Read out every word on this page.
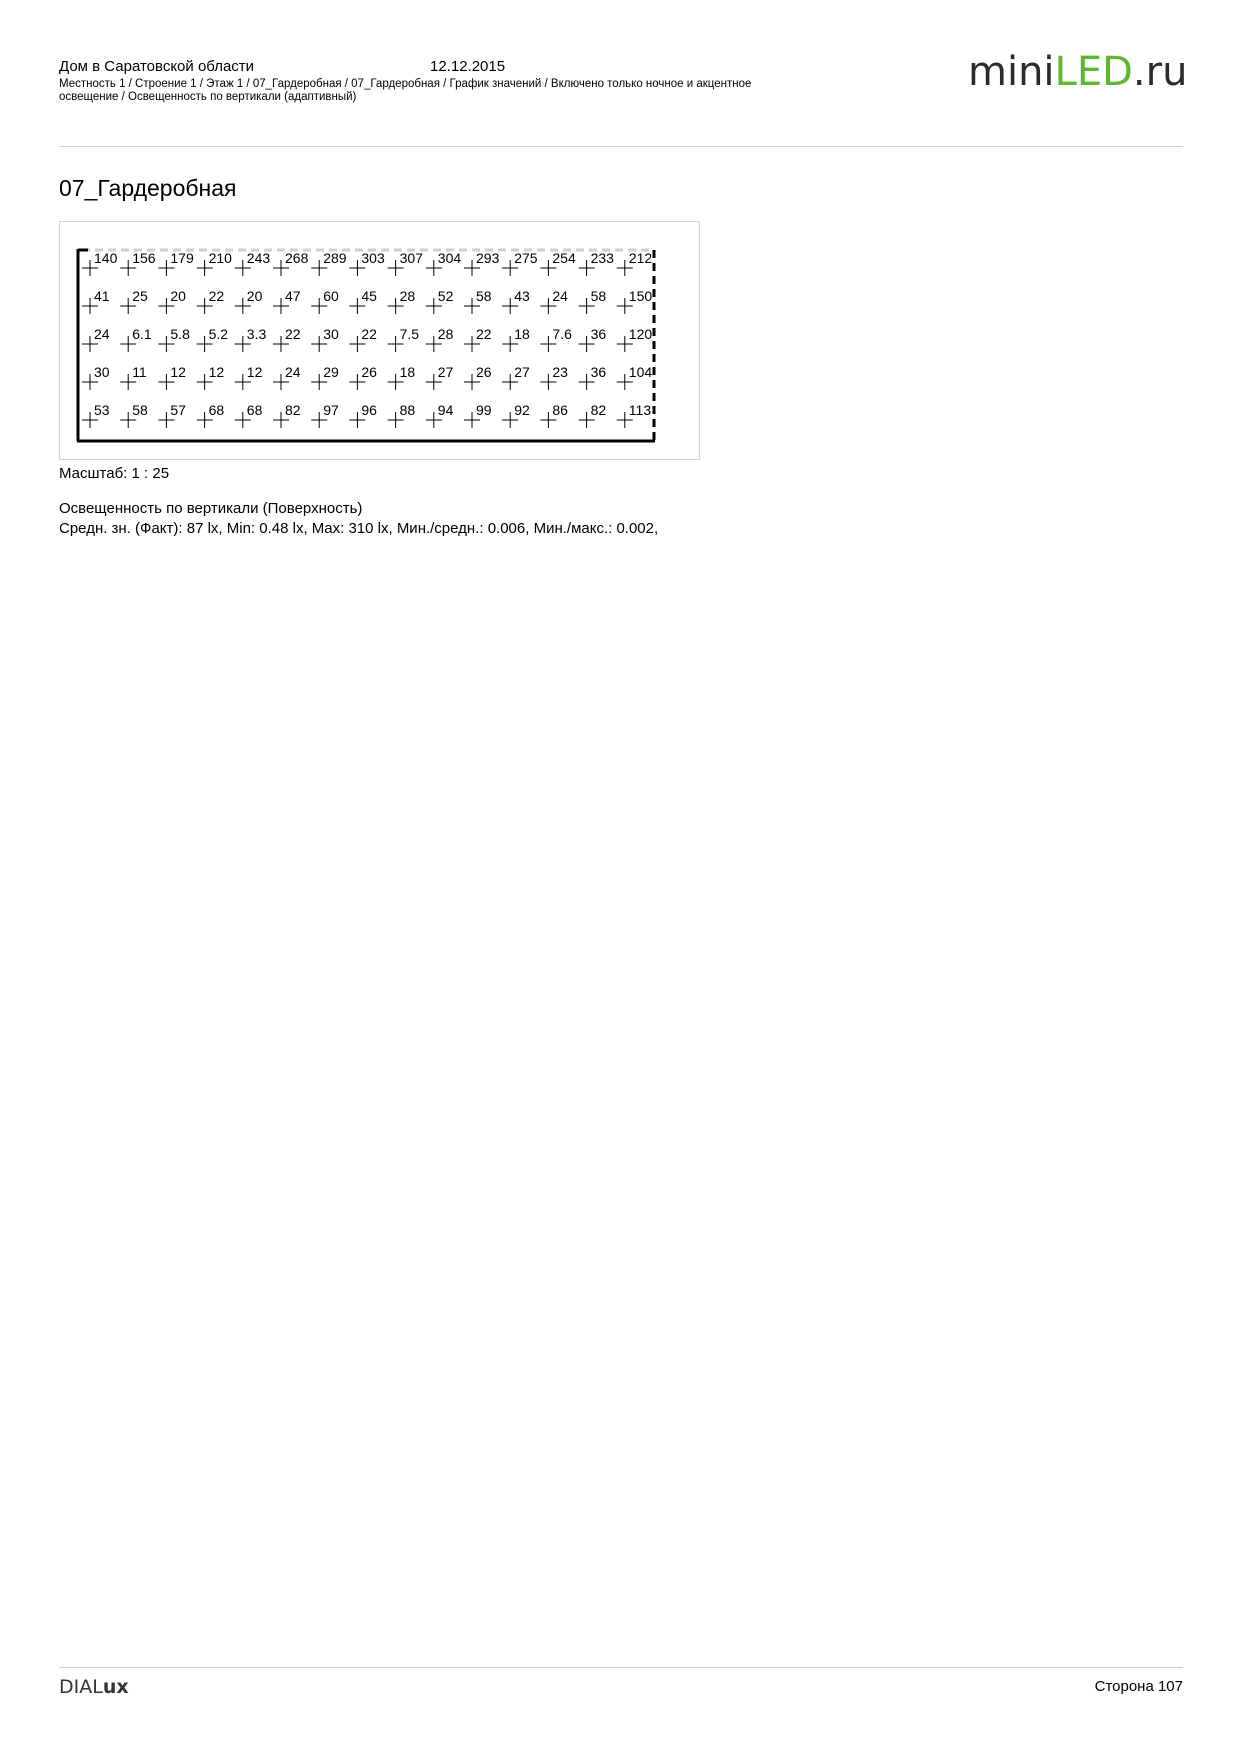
Дом в Саратовской области	12.12.2015
Местность 1 / Строение 1 / Этаж 1 / 07_Гардеробная / 07_Гардеробная / График значений / Включено только ночное и акцентное освещение / Освещенность по вертикали (адаптивный)
miniLED.ru
07_Гардеробная
140 156 179 210 243 268 289 303 307 304 293 275 254 233 212
41 25 20 22 20 47 60 45 28 52 58 43 24 58 150
24 6.1 5.8 5.2 3.3 22 30 22 7.5 28 22 18 7.6 36 120
30 11 12 12 12 24 29 26 18 27 26 27 23 36 104
53 58 57 68 68 82 97 96 88 94 99 92 86 82 113
Масштаб: 1 : 25
Освещенность по вертикали (Поверхность)
Средн. зн. (Факт): 87 lx, Min: 0.48 lx, Max: 310 lx, Мин./средн.: 0.006, Мин./макс.: 0.002,
DIALux	Сторона 107
